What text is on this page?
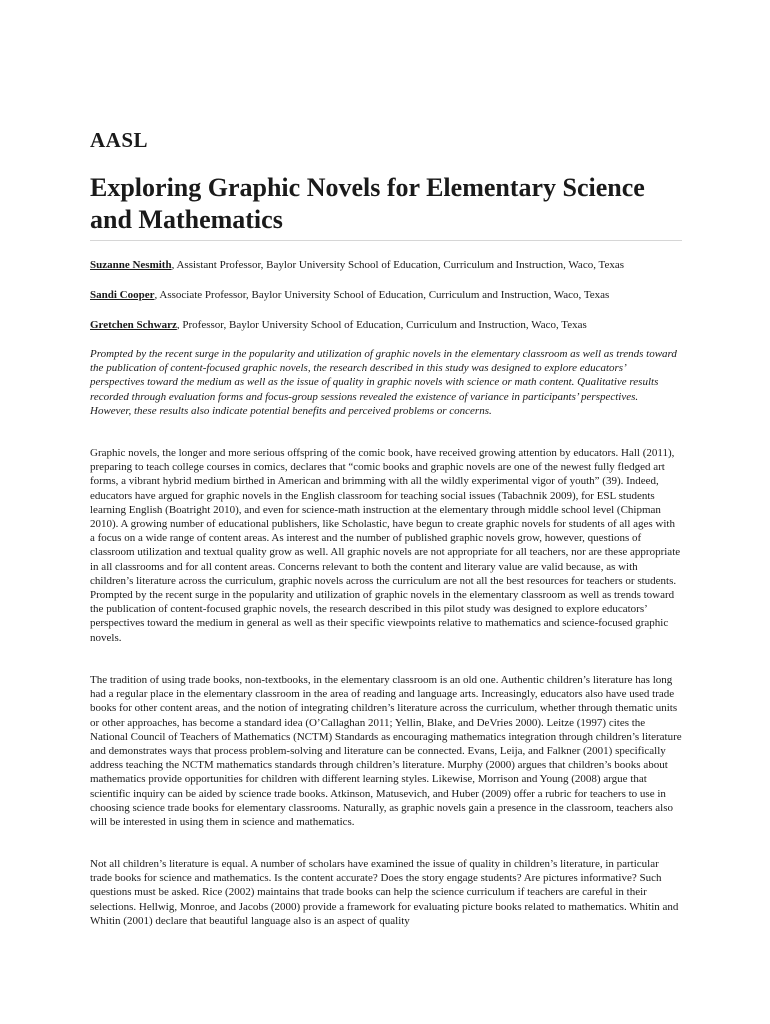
AASL
Exploring Graphic Novels for Elementary Science and Mathematics

Suzanne Nesmith, Assistant Professor, Baylor University School of Education, Curriculum and Instruction, Waco, Texas

Sandi Cooper, Associate Professor, Baylor University School of Education, Curriculum and Instruction, Waco, Texas

Gretchen Schwarz, Professor, Baylor University School of Education, Curriculum and Instruction, Waco, Texas

Prompted by the recent surge in the popularity and utilization of graphic novels in the elementary classroom as well as trends toward the publication of content-focused graphic novels, the research described in this study was designed to explore educators’ perspectives toward the medium as well as the issue of quality in graphic novels with science or math content. Qualitative results recorded through evaluation forms and focus-group sessions revealed the existence of variance in participants’ perspectives. However, these results also indicate potential benefits and perceived problems or concerns.

Graphic novels, the longer and more serious offspring of the comic book, have received growing attention by educators. Hall (2011), preparing to teach college courses in comics, declares that “comic books and graphic novels are one of the newest fully fledged art forms, a vibrant hybrid medium birthed in American and brimming with all the wildly experimental vigor of youth” (39). Indeed, educators have argued for graphic novels in the English classroom for teaching social issues (Tabachnik 2009), for ESL students learning English (Boatright 2010), and even for science-math instruction at the elementary through middle school level (Chipman 2010). A growing number of educational publishers, like Scholastic, have begun to create graphic novels for students of all ages with a focus on a wide range of content areas. As interest and the number of published graphic novels grow, however, questions of classroom utilization and textual quality grow as well. All graphic novels are not appropriate for all teachers, nor are these appropriate in all classrooms and for all content areas. Concerns relevant to both the content and literary value are valid because, as with children’s literature across the curriculum, graphic novels across the curriculum are not all the best resources for teachers or students. Prompted by the recent surge in the popularity and utilization of graphic novels in the elementary classroom as well as trends toward the publication of content-focused graphic novels, the research described in this pilot study was designed to explore educators’ perspectives toward the medium in general as well as their specific viewpoints relative to mathematics and science-focused graphic novels.

The tradition of using trade books, non-textbooks, in the elementary classroom is an old one. Authentic children’s literature has long had a regular place in the elementary classroom in the area of reading and language arts. Increasingly, educators also have used trade books for other content areas, and the notion of integrating children’s literature across the curriculum, whether through thematic units or other approaches, has become a standard idea (O’Callaghan 2011; Yellin, Blake, and DeVries 2000). Leitze (1997) cites the National Council of Teachers of Mathematics (NCTM) Standards as encouraging mathematics integration through children’s literature and demonstrates ways that process problem-solving and literature can be connected. Evans, Leija, and Falkner (2001) specifically address teaching the NCTM mathematics standards through children’s literature. Murphy (2000) argues that children’s books about mathematics provide opportunities for children with different learning styles. Likewise, Morrison and Young (2008) argue that scientific inquiry can be aided by science trade books. Atkinson, Matusevich, and Huber (2009) offer a rubric for teachers to use in choosing science trade books for elementary classrooms. Naturally, as graphic novels gain a presence in the classroom, teachers also will be interested in using them in science and mathematics.

Not all children’s literature is equal. A number of scholars have examined the issue of quality in children’s literature, in particular trade books for science and mathematics. Is the content accurate? Does the story engage students? Are pictures informative? Such questions must be asked. Rice (2002) maintains that trade books can help the science curriculum if teachers are careful in their selections. Hellwig, Monroe, and Jacobs (2000) provide a framework for evaluating picture books related to mathematics. Whitin and Whitin (2001) declare that beautiful language also is an aspect of quality
